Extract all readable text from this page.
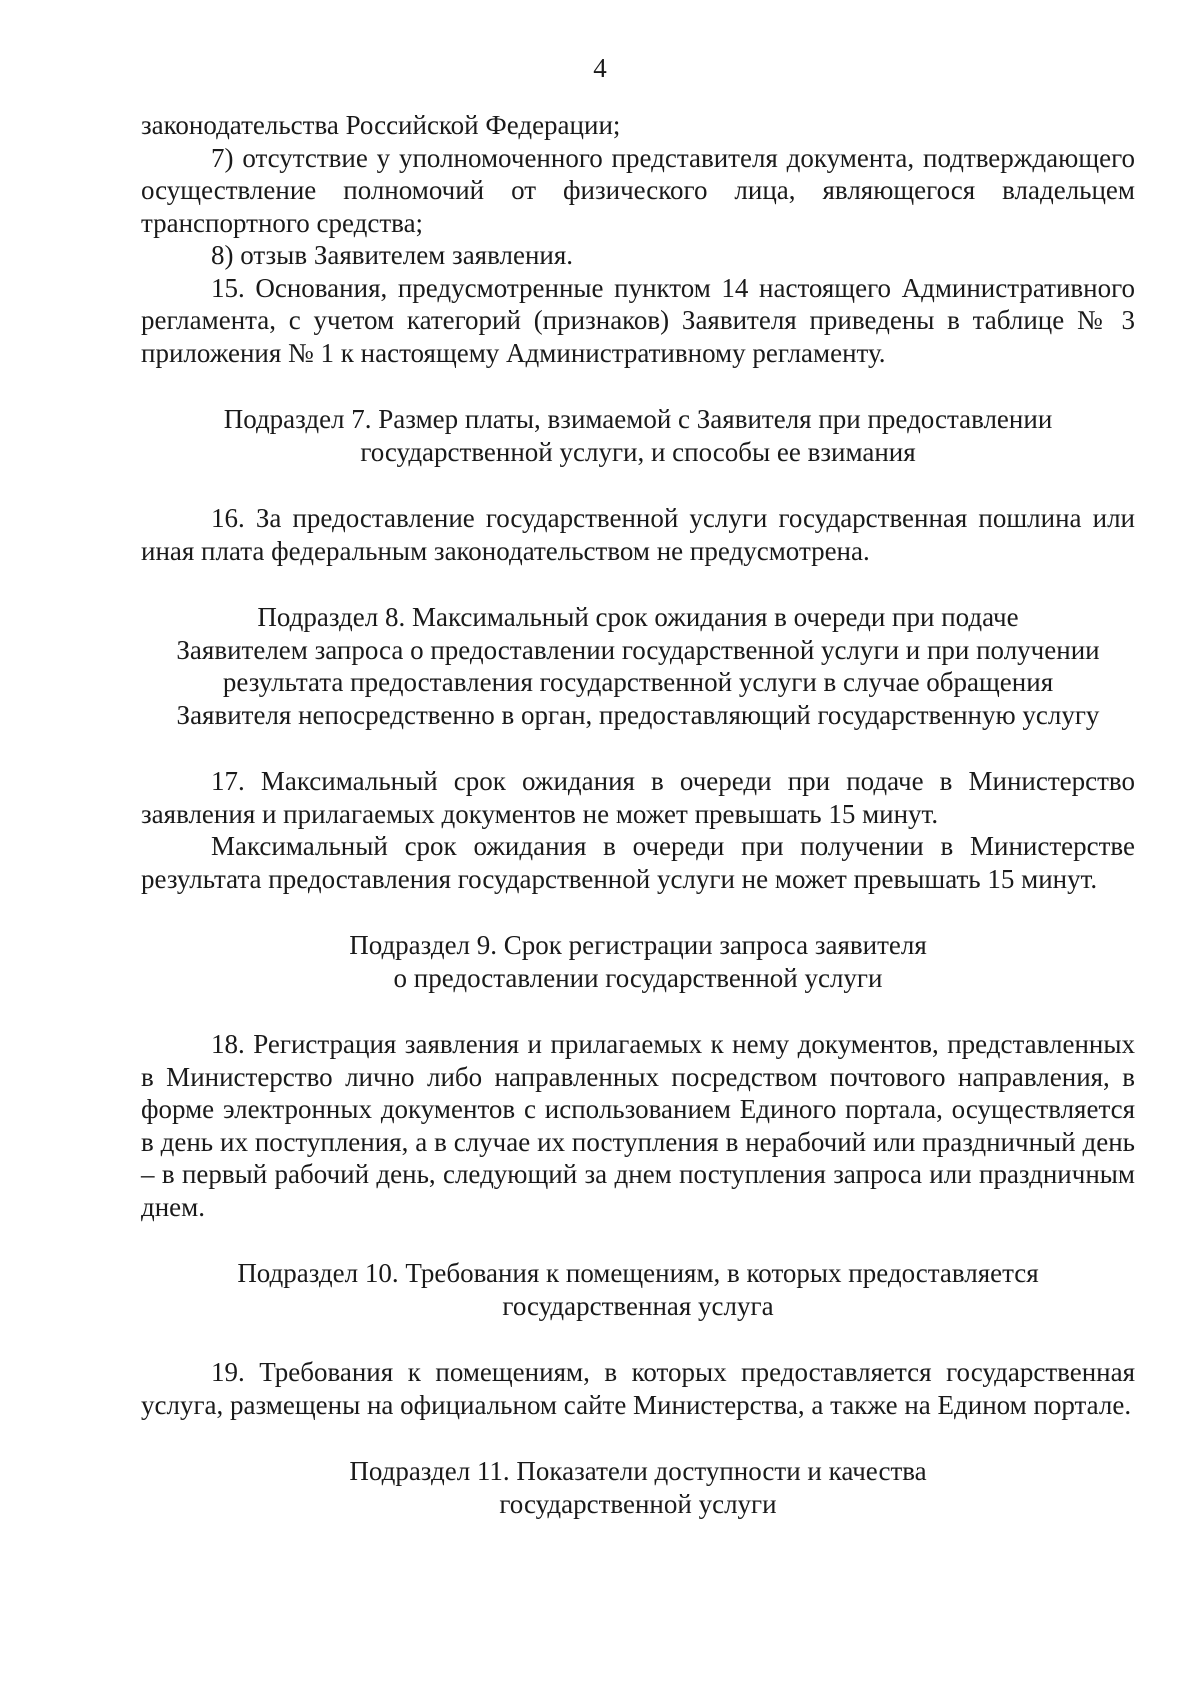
4

законодательства Российской Федерации;

7) отсутствие у уполномоченного представителя документа, подтверждающего осуществление полномочий от физического лица, являющегося владельцем транспортного средства;

8) отзыв Заявителем заявления.

15. Основания, предусмотренные пунктом 14 настоящего Административного регламента, с учетом категорий (признаков) Заявителя приведены в таблице № 3 приложения № 1 к настоящему Административному регламенту.

Подраздел 7. Размер платы, взимаемой с Заявителя при предоставлении
государственной услуги, и способы ее взимания

16. За предоставление государственной услуги государственная пошлина или иная плата федеральным законодательством не предусмотрена.

Подраздел 8. Максимальный срок ожидания в очереди при подаче
Заявителем запроса о предоставлении государственной услуги и при получении
результата предоставления государственной услуги в случае обращения
Заявителя непосредственно в орган, предоставляющий государственную услугу

17. Максимальный срок ожидания в очереди при подаче в Министерство заявления и прилагаемых документов не может превышать 15 минут.

Максимальный срок ожидания в очереди при получении в Министерстве результата предоставления государственной услуги не может превышать 15 минут.

Подраздел 9. Срок регистрации запроса заявителя
о предоставлении государственной услуги

18. Регистрация заявления и прилагаемых к нему документов, представленных в Министерство лично либо направленных посредством почтового направления, в форме электронных документов с использованием Единого портала, осуществляется в день их поступления, а в случае их поступления в нерабочий или праздничный день – в первый рабочий день, следующий за днем поступления запроса или праздничным днем.

Подраздел 10. Требования к помещениям, в которых предоставляется
государственная услуга

19. Требования к помещениям, в которых предоставляется государственная услуга, размещены на официальном сайте Министерства, а также на Едином портале.

Подраздел 11. Показатели доступности и качества
государственной услуги
